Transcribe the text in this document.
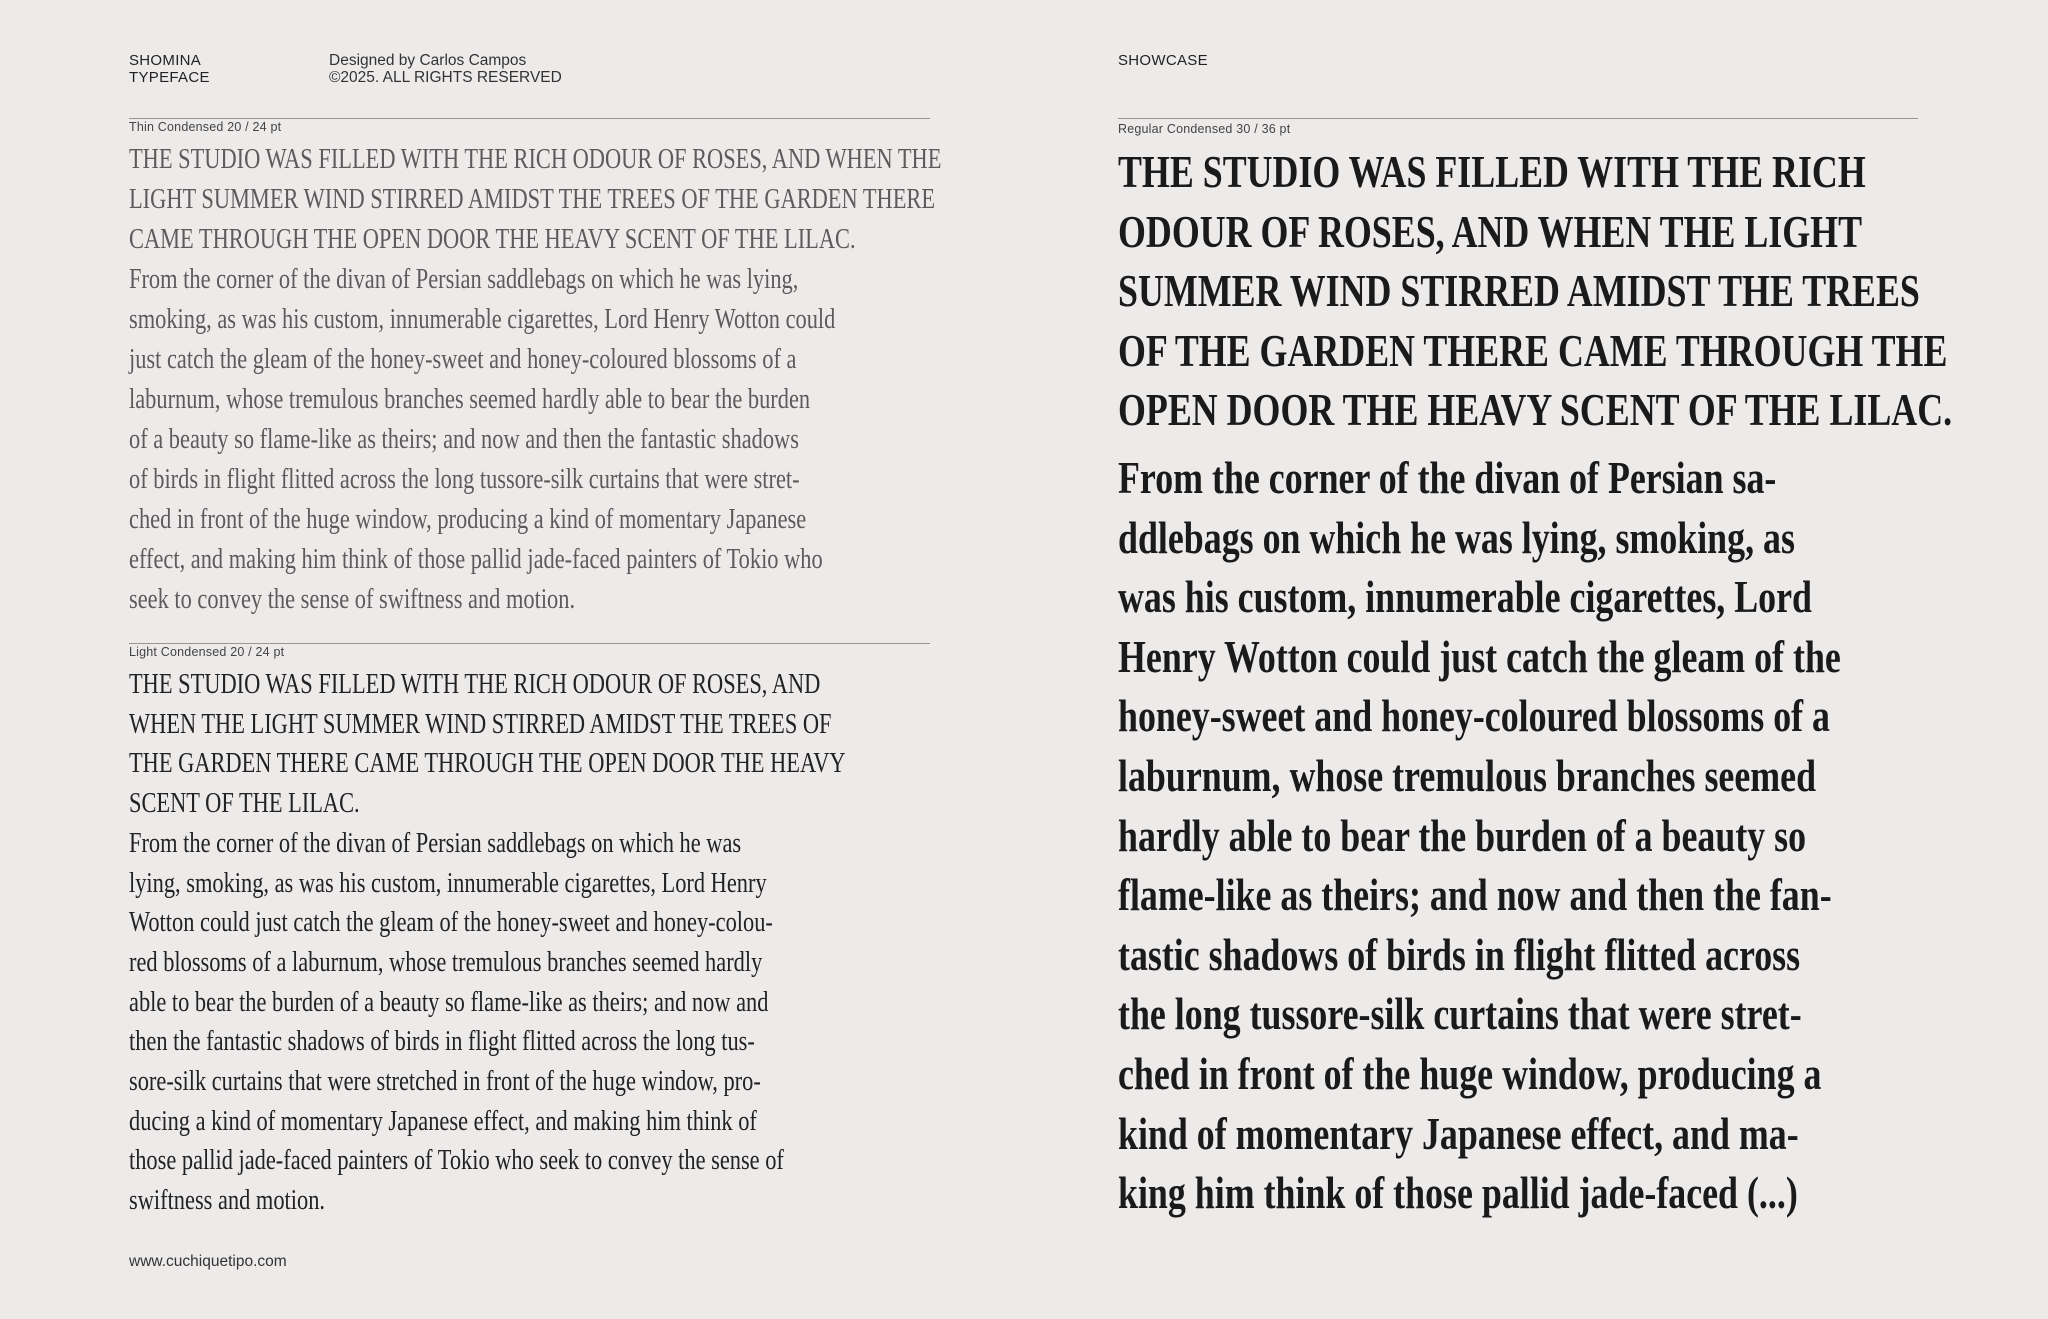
SHOMINA
TYPEFACE
Designed by Carlos Campos
©2025. ALL RIGHTS RESERVED
SHOWCASE
Thin Condensed 20 / 24 pt
THE STUDIO WAS FILLED WITH THE RICH ODOUR OF ROSES, AND WHEN THE
LIGHT SUMMER WIND STIRRED AMIDST THE TREES OF THE GARDEN THERE
CAME THROUGH THE OPEN DOOR THE HEAVY SCENT OF THE LILAC.
From the corner of the divan of Persian saddlebags on which he was lying,
smoking, as was his custom, innumerable cigarettes, Lord Henry Wotton could
just catch the gleam of the honey-sweet and honey-coloured blossoms of a
laburnum, whose tremulous branches seemed hardly able to bear the burden
of a beauty so flame-like as theirs; and now and then the fantastic shadows
of birds in flight flitted across the long tussore-silk curtains that were stret-
ched in front of the huge window, producing a kind of momentary Japanese
effect, and making him think of those pallid jade-faced painters of Tokio who
seek to convey the sense of swiftness and motion.
Light Condensed 20 / 24 pt
THE STUDIO WAS FILLED WITH THE RICH ODOUR OF ROSES, AND
WHEN THE LIGHT SUMMER WIND STIRRED AMIDST THE TREES OF
THE GARDEN THERE CAME THROUGH THE OPEN DOOR THE HEAVY
SCENT OF THE LILAC.
From the corner of the divan of Persian saddlebags on which he was
lying, smoking, as was his custom, innumerable cigarettes, Lord Henry
Wotton could just catch the gleam of the honey-sweet and honey-colou-
red blossoms of a laburnum, whose tremulous branches seemed hardly
able to bear the burden of a beauty so flame-like as theirs; and now and
then the fantastic shadows of birds in flight flitted across the long tus-
sore-silk curtains that were stretched in front of the huge window, pro-
ducing a kind of momentary Japanese effect, and making him think of
those pallid jade-faced painters of Tokio who seek to convey the sense of
swiftness and motion.
Regular Condensed 30 / 36 pt
THE STUDIO WAS FILLED WITH THE RICH
ODOUR OF ROSES, AND WHEN THE LIGHT
SUMMER WIND STIRRED AMIDST THE TREES
OF THE GARDEN THERE CAME THROUGH THE
OPEN DOOR THE HEAVY SCENT OF THE LILAC.
From the corner of the divan of Persian sa-
ddlebags on which he was lying, smoking, as
was his custom, innumerable cigarettes, Lord
Henry Wotton could just catch the gleam of the
honey-sweet and honey-coloured blossoms of a
laburnum, whose tremulous branches seemed
hardly able to bear the burden of a beauty so
flame-like as theirs; and now and then the fan-
tastic shadows of birds in flight flitted across
the long tussore-silk curtains that were stret-
ched in front of the huge window, producing a
kind of momentary Japanese effect, and ma-
king him think of those pallid jade-faced (...)
www.cuchiquetipo.com
